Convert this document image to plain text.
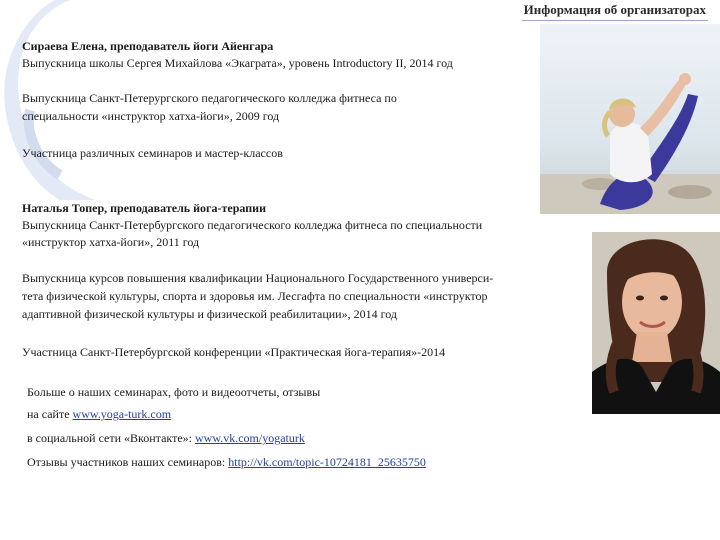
Информация об организаторах
Сираева Елена, преподаватель йоги Айенгара
Выпускница школы Сергея Михайлова «Экаграта», уровень Introductory II, 2014 год
Выпускница Санкт-Петерургского педагогического колледжа фитнеса по
специальности «инструктор хатха-йоги», 2009 год
Участница различных семинаров и мастер-классов
Наталья Топер, преподаватель йога-терапии
Выпускница Санкт-Петербургского педагогического колледжа фитнеса по специальности
«инструктор хатха-йоги», 2011 год
Выпускница курсов повышения квалификации Национального Государственного универси-
тета физической культуры, спорта и здоровья им. Лесгафта по специальности «инструктор
адаптивной физической культуры и физической реабилитации», 2014 год
Участница Санкт-Петербургской конференции «Практическая йога-терапия»-2014
Больше о наших семинарах, фото и видеоотчеты, отзывы
на сайте www.yoga-turk.com
в социальной сети «Вконтакте»: www.vk.com/yogaturk
Отзывы участников наших семинаров: http://vk.com/topic-10724181_25635750
